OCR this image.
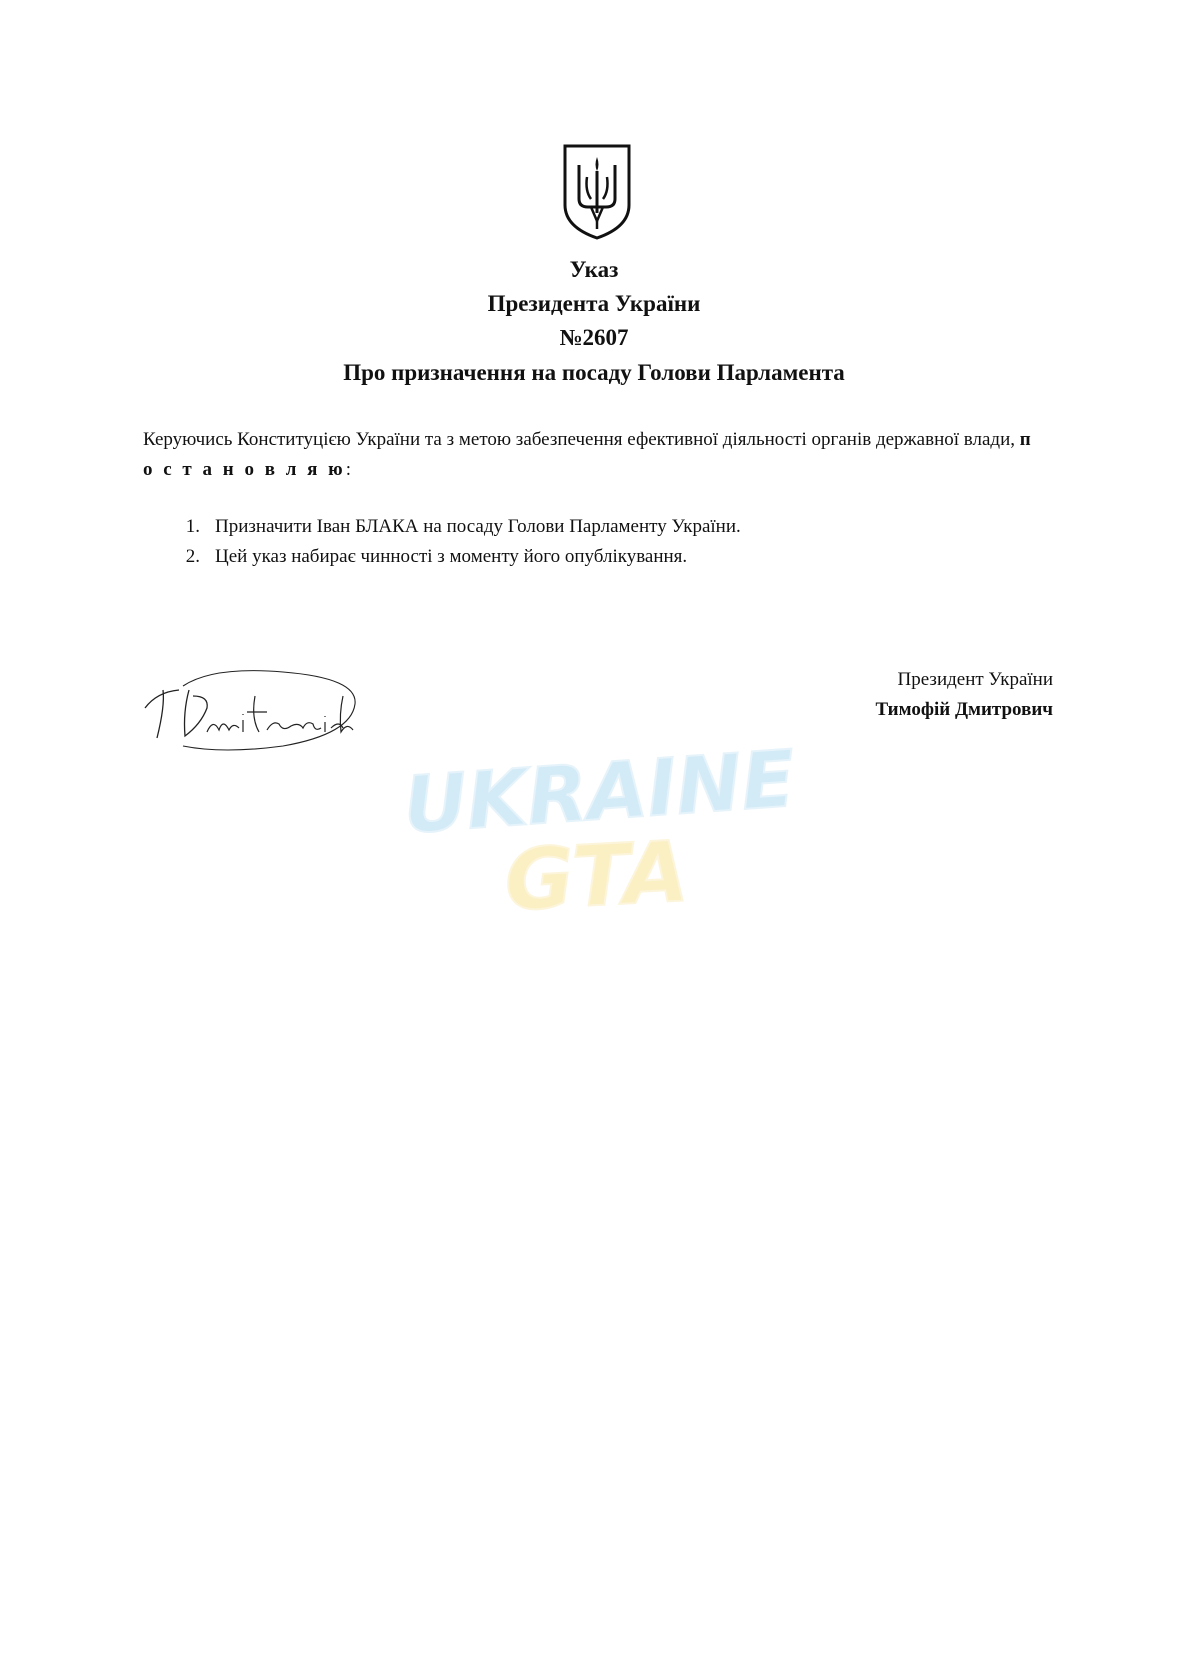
Указ
Президента України
№2607
Про призначення на посаду Голови Парламента
Керуючись Конституцією України та з метою забезпечення ефективної діяльності органів державної влади, п о с т а н о в л я ю:
1. Призначити Іван БЛАКА на посаду Голови Парламенту України.
2. Цей указ набирає чинності з моменту його опублікування.
Президент України
Тимофій Дмитрович
UKRAINE
GTA
